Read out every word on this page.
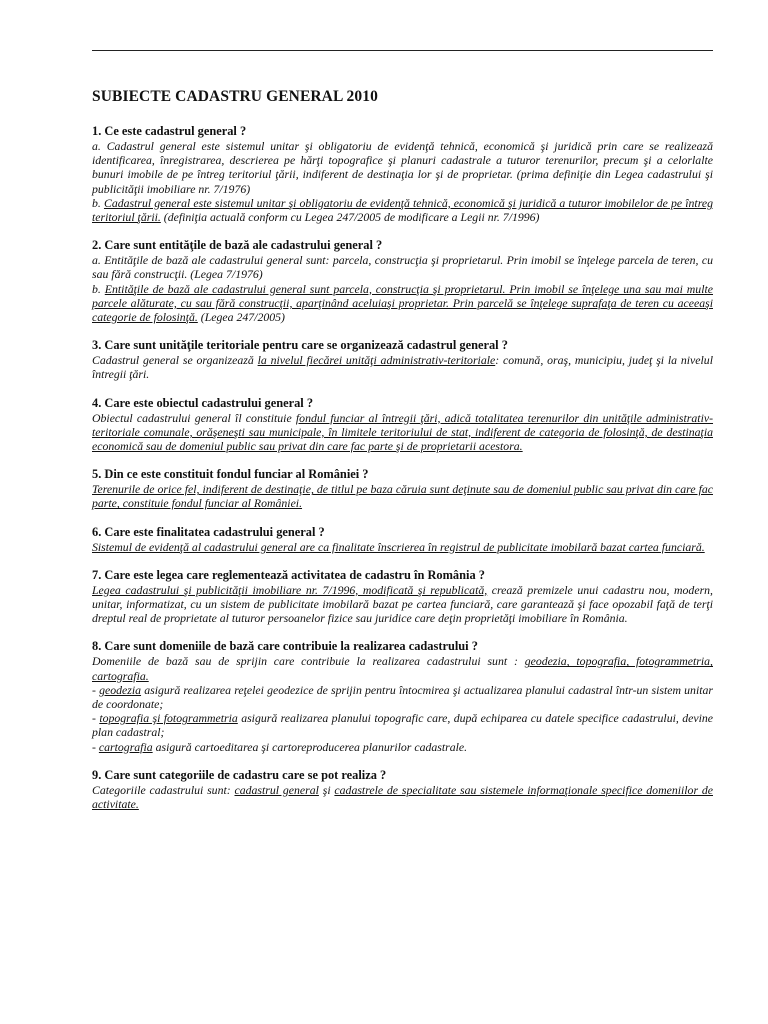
SUBIECTE CADASTRU GENERAL 2010

1. Ce este cadastrul general ?

a. Cadastrul general este sistemul unitar şi obligatoriu de evidenţă tehnică, economică şi juridică prin care se realizează identificarea, înregistrarea, descrierea pe hărţi topografice şi planuri cadastrale a tuturor terenurilor, precum şi a celorlalte bunuri imobile de pe întreg teritoriul ţării, indiferent de destinaţia lor şi de proprietar. (prima definiţie din Legea cadastrului şi publicităţii imobiliare nr. 7/1976)

b. Cadastrul general este sistemul unitar şi obligatoriu de evidenţă tehnică, economică şi juridică a tuturor imobilelor de pe întreg teritoriul ţării. (definiţia actuală conform cu Legea 247/2005 de modificare a Legii nr. 7/1996)

2. Care sunt entităţile de bază ale cadastrului general ?

a. Entităţile de bază ale cadastrului general sunt: parcela, construcţia şi proprietarul. Prin imobil se înţelege parcela de teren, cu sau fără construcţii. (Legea 7/1976)

b. Entităţile de bază ale cadastrului general sunt parcela, construcţia şi proprietarul. Prin imobil se înţelege una sau mai multe parcele alăturate, cu sau fără construcţii, aparţinând aceluiaşi proprietar. Prin parcelă se înţelege suprafaţa de teren cu aceeaşi categorie de folosinţă. (Legea 247/2005)

3. Care sunt unităţile teritoriale pentru care se organizează cadastrul general ?

Cadastrul general se organizează la nivelul fiecărei unităţi administrativ-teritoriale: comună, oraş, municipiu, judeţ şi la nivelul întregii ţări.

4. Care este obiectul cadastrului general ?

Obiectul cadastrului general îl constituie fondul funciar al întregii ţări, adică totalitatea terenurilor din unităţile administrativ-teritoriale comunale, orăşeneşti sau municipale, în limitele teritoriului de stat, indiferent de categoria de folosinţă, de destinaţia economică sau de domeniul public sau privat din care fac parte şi de proprietarii acestora.

5. Din ce este constituit fondul funciar al României ?

Terenurile de orice fel, indiferent de destinaţie, de titlul pe baza căruia sunt deţinute sau de domeniul public sau privat din care fac parte, constituie fondul funciar al României.

6. Care este finalitatea cadastrului general ?

Sistemul de evidenţă al cadastrului general are ca finalitate înscrierea în registrul de publicitate imobilară bazat cartea funciară.

7. Care este legea care reglementează activitatea de cadastru în România ?

Legea cadastrului şi publicităţii imobiliare nr. 7/1996, modificată şi republicată, crează premizele unui cadastru nou, modern, unitar, informatizat, cu un sistem de publicitate imobilară bazat pe cartea funciară, care garantează şi face opozabil faţă de terţi dreptul real de proprietate al tuturor persoanelor fizice sau juridice care deţin proprietăţi imobiliare în România.

8. Care sunt domeniile de bază care contribuie la realizarea cadastrului ?

Domeniile de bază sau de sprijin care contribuie la realizarea cadastrului sunt : geodezia, topografia, fotogrammetria, cartografia.

- geodezia asigură realizarea reţelei geodezice de sprijin pentru întocmirea şi actualizarea planului cadastral într-un sistem unitar de coordonate;

- topografia şi fotogrammetria asigură realizarea planului topografic care, după echiparea cu datele specifice cadastrului, devine plan cadastral;

- cartografia asigură cartoeditarea şi cartoreproducerea planurilor cadastrale.

9. Care sunt categoriile de cadastru care se pot realiza ?

Categoriile cadastrului sunt: cadastrul general şi cadastrele de specialitate sau sistemele informaţionale specifice domeniilor de activitate.
